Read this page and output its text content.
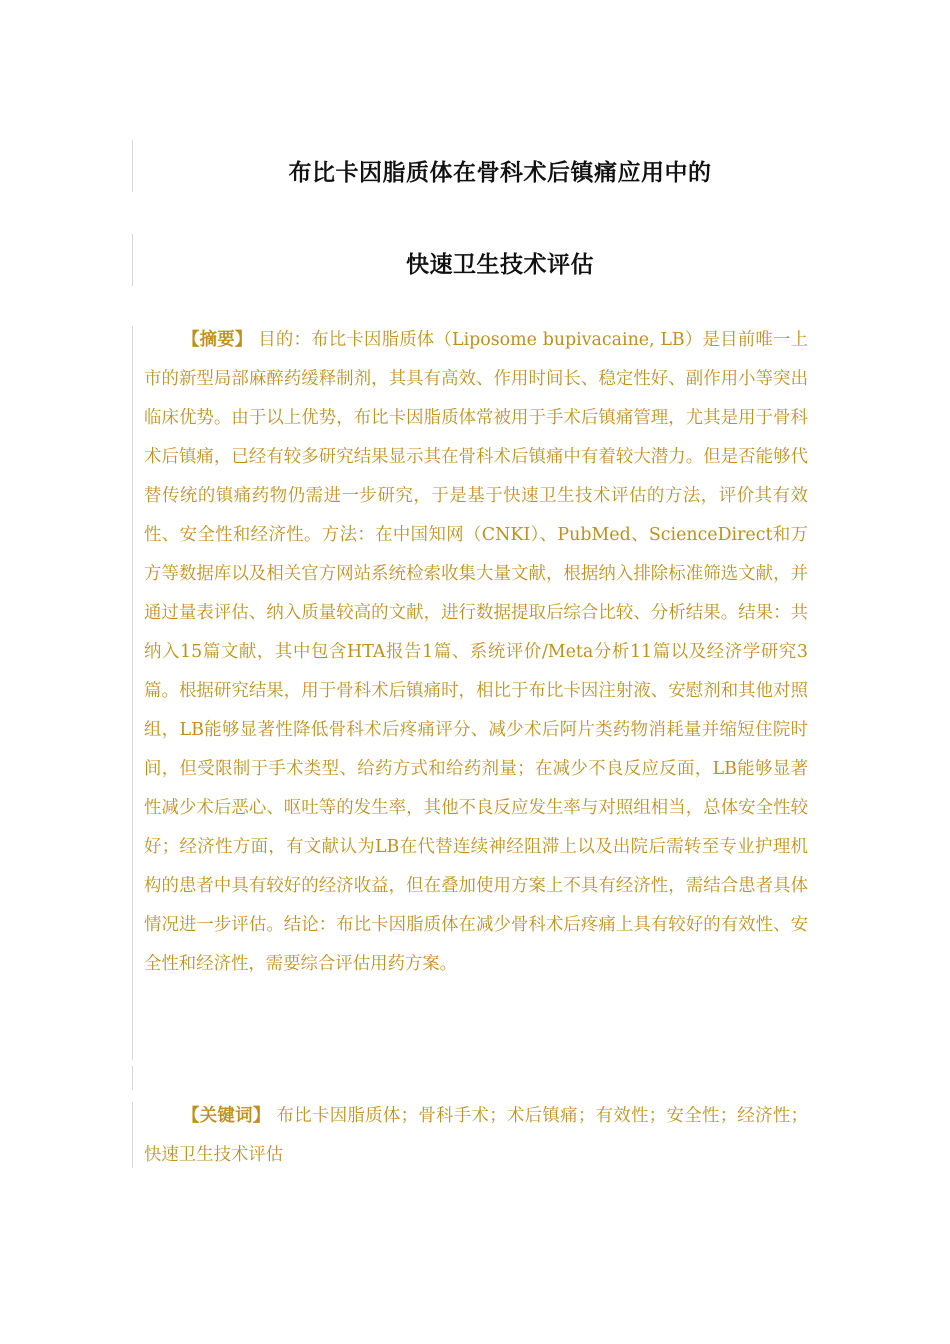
布比卡因脂质体在骨科术后镇痛应用中的
快速卫生技术评估
【摘要】 目的：布比卡因脂质体（Liposome bupivacaine, LB）是目前唯一上市的新型局部麻醉药缓释制剂，其具有高效、作用时间长、稳定性好、副作用小等突出临床优势。由于以上优势，布比卡因脂质体常被用于手术后镇痛管理，尤其是用于骨科术后镇痛，已经有较多研究结果显示其在骨科术后镇痛中有着较大潜力。但是否能够代替传统的镇痛药物仍需进一步研究，于是基于快速卫生技术评估的方法，评价其有效性、安全性和经济性。方法：在中国知网（CNKI）、PubMed、ScienceDirect和万方等数据库以及相关官方网站系统检索收集大量文献，根据纳入排除标准筛选文献，并通过量表评估、纳入质量较高的文献，进行数据提取后综合比较、分析结果。结果：共纳入15篇文献，其中包含HTA报告1篇、系统评价/Meta分析11篇以及经济学研究3篇。根据研究结果，用于骨科术后镇痛时，相比于布比卡因注射液、安慰剂和其他对照组，LB能够显著性降低骨科术后疼痛评分、减少术后阿片类药物消耗量并缩短住院时间，但受限制于手术类型、给药方式和给药剂量；在减少不良反应反面，LB能够显著性减少术后恶心、呕吐等的发生率，其他不良反应发生率与对照组相当，总体安全性较好；经济性方面，有文献认为LB在代替连续神经阻滞上以及出院后需转至专业护理机构的患者中具有较好的经济收益，但在叠加使用方案上不具有经济性，需结合患者具体情况进一步评估。结论：布比卡因脂质体在减少骨科术后疼痛上具有较好的有效性、安全性和经济性，需要综合评估用药方案。
【关键词】 布比卡因脂质体；骨科手术；术后镇痛；有效性；安全性；经济性；快速卫生技术评估
